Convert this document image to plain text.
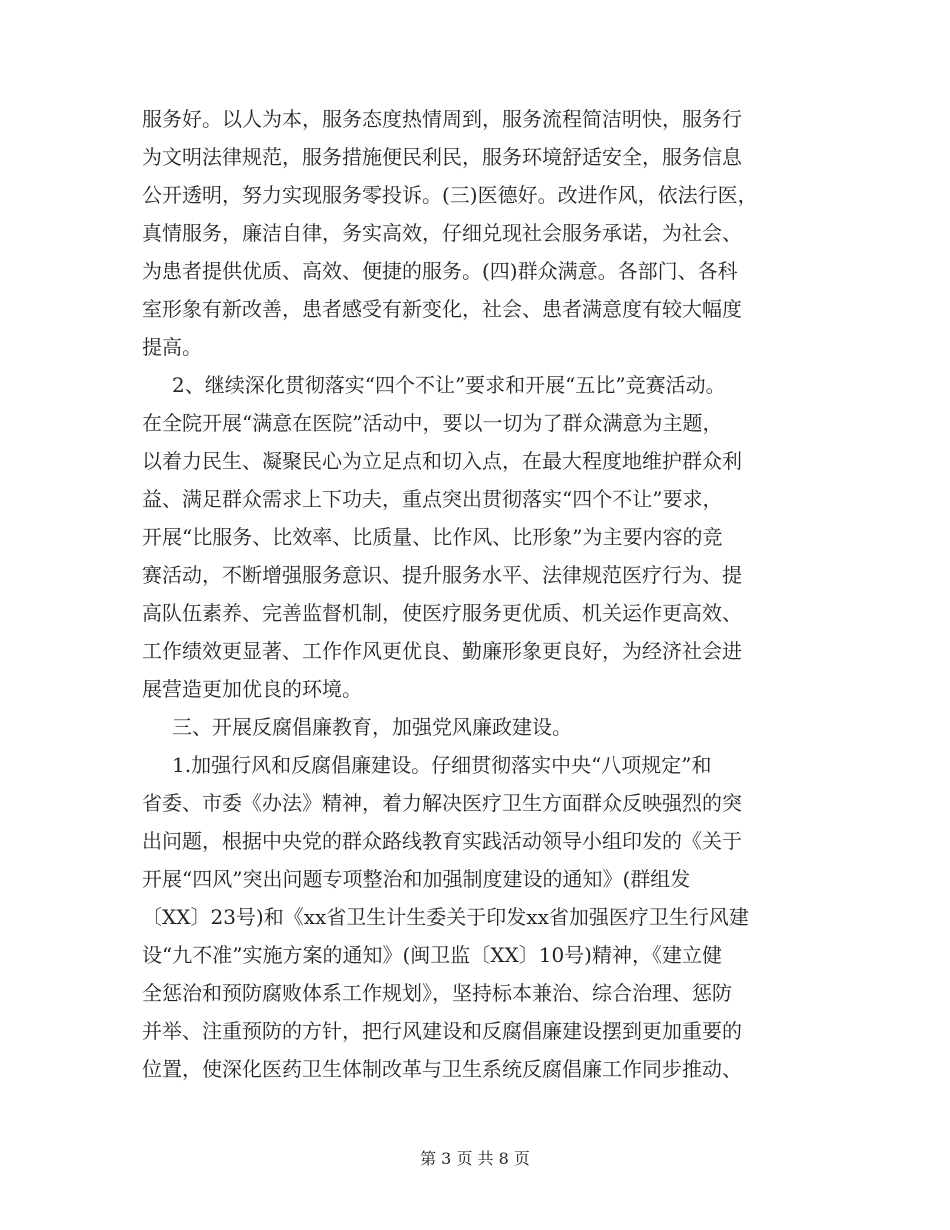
服务好。以人为本，服务态度热情周到，服务流程简洁明快，服务行
为文明法律规范，服务措施便民利民，服务环境舒适安全，服务信息
公开透明，努力实现服务零投诉。(三)医德好。改进作风，依法行医，
真情服务，廉洁自律，务实高效，仔细兑现社会服务承诺，为社会、
为患者提供优质、高效、便捷的服务。(四)群众满意。各部门、各科
室形象有新改善，患者感受有新变化，社会、患者满意度有较大幅度
提高。
2、继续深化贯彻落实“四个不让”要求和开展“五比”竞赛活动。
在全院开展“满意在医院”活动中，要以一切为了群众满意为主题，
以着力民生、凝聚民心为立足点和切入点，在最大程度地维护群众利
益、满足群众需求上下功夫，重点突出贯彻落实“四个不让”要求，
开展“比服务、比效率、比质量、比作风、比形象”为主要内容的竞
赛活动，不断增强服务意识、提升服务水平、法律规范医疗行为、提
高队伍素养、完善监督机制，使医疗服务更优质、机关运作更高效、
工作绩效更显著、工作作风更优良、勤廉形象更良好，为经济社会进
展营造更加优良的环境。
三、开展反腐倡廉教育，加强党风廉政建设。
1.加强行风和反腐倡廉建设。仔细贯彻落实中央“八项规定”和
省委、市委《办法》精神，着力解决医疗卫生方面群众反映强烈的突
出问题，根据中央党的群众路线教育实践活动领导小组印发的《关于
开展“四风”突出问题专项整治和加强制度建设的通知》(群组发
〔XX〕23号)和《xx省卫生计生委关于印发xx省加强医疗卫生行风建
设“九不准”实施方案的通知》(闽卫监〔XX〕10号)精神，《建立健
全惩治和预防腐败体系工作规划》，坚持标本兼治、综合治理、惩防
并举、注重预防的方针，把行风建设和反腐倡廉建设摆到更加重要的
位置，使深化医药卫生体制改革与卫生系统反腐倡廉工作同步推动、
第 3 页 共 8 页
